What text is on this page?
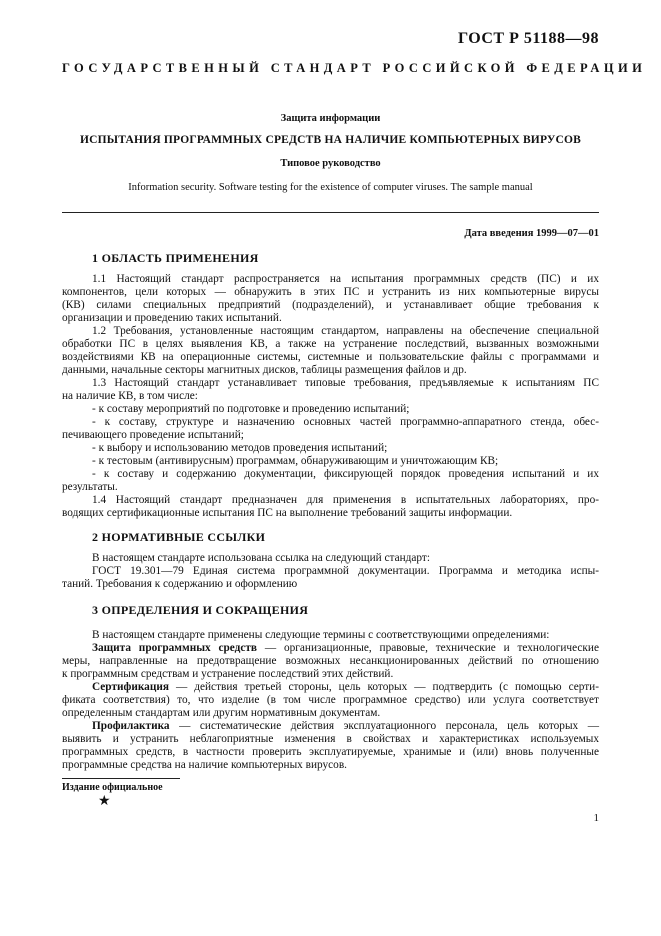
ГОСТ Р 51188—98
ГОСУДАРСТВЕННЫЙ СТАНДАРТ РОССИЙСКОЙ ФЕДЕРАЦИИ
Защита информации
ИСПЫТАНИЯ ПРОГРАММНЫХ СРЕДСТВ НА НАЛИЧИЕ КОМПЬЮТЕРНЫХ ВИРУСОВ
Типовое руководство
Information security. Software testing for the existence of computer viruses. The sample manual
Дата введения 1999—07—01
1 ОБЛАСТЬ ПРИМЕНЕНИЯ
1.1 Настоящий стандарт распространяется на испытания программных средств (ПС) и их
компонентов, цели которых — обнаружить в этих ПС и устранить из них компьютерные вирусы
(КВ) силами специальных предприятий (подразделений), и устанавливает общие требования к
организации и проведению таких испытаний.
1.2 Требования, установленные настоящим стандартом, направлены на обеспечение специальной
обработки ПС в целях выявления КВ, а также на устранение последствий, вызванных возможными
воздействиями КВ на операционные системы, системные и пользовательские файлы с программами и
данными, начальные секторы магнитных дисков, таблицы размещения файлов и др.
1.3 Настоящий стандарт устанавливает типовые требования, предъявляемые к испытаниям ПС
на наличие КВ, в том числе:
- к составу мероприятий по подготовке и проведению испытаний;
- к составу, структуре и назначению основных частей программно-аппаратного стенда, обес-
печивающего проведение испытаний;
- к выбору и использованию методов проведения испытаний;
- к тестовым (антивирусным) программам, обнаруживающим и уничтожающим КВ;
- к составу и содержанию документации, фиксирующей порядок проведения испытаний и их
результаты.
1.4 Настоящий стандарт предназначен для применения в испытательных лабораториях, про-
водящих сертификационные испытания ПС на выполнение требований защиты информации.
2 НОРМАТИВНЫЕ ССЫЛКИ
В настоящем стандарте использована ссылка на следующий стандарт:
ГОСТ 19.301—79 Единая система программной документации. Программа и методика испы-
таний. Требования к содержанию и оформлению
3 ОПРЕДЕЛЕНИЯ И СОКРАЩЕНИЯ
В настоящем стандарте применены следующие термины с соответствующими определениями:
Защита программных средств — организационные, правовые, технические и технологические
меры, направленные на предотвращение возможных несанкционированных действий по отношению
к программным средствам и устранение последствий этих действий.
Сертификация — действия третьей стороны, цель которых — подтвердить (с помощью серти-
фиката соответствия) то, что изделие (в том числе программное средство) или услуга соответствует
определенным стандартам или другим нормативным документам.
Профилактика — систематические действия эксплуатационного персонала, цель которых —
выявить и устранить неблагоприятные изменения в свойствах и характеристиках используемых
программных средств, в частности проверить эксплуатируемые, хранимые и (или) вновь полученные
программные средства на наличие компьютерных вирусов.
Издание официальное
★
1
